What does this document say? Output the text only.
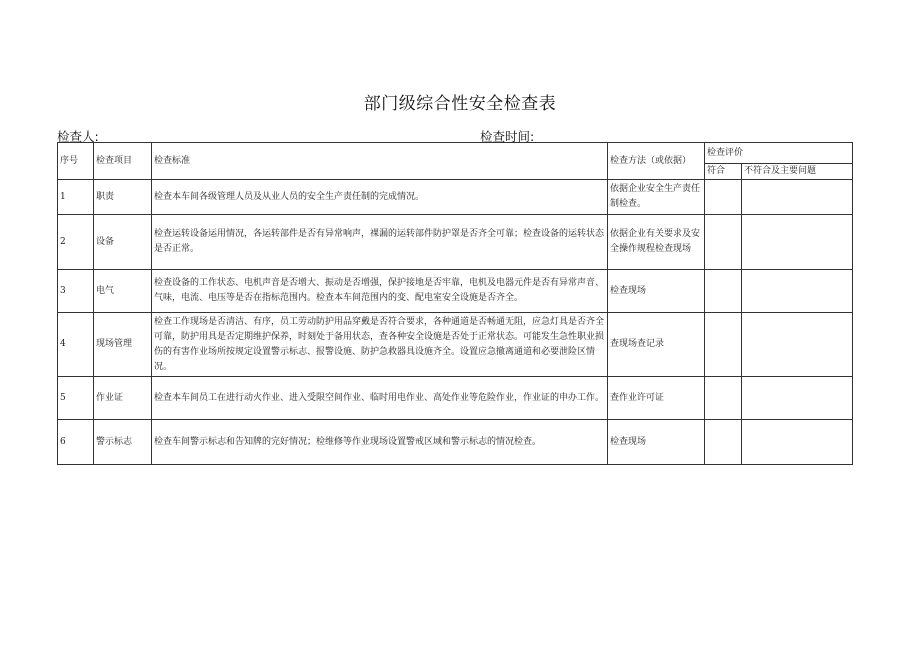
部门级综合性安全检查表
检查人:	检查时间:
序号	检查项目	检查标准	检查方法（或依据）	检查评价	
				符合	不符合及主要问题
1	职责	检查本车间各级管理人员及从业人员的安全生产责任制的完成情况。	依据企业安全生产责任制检查。		
2	设备	检查运转设备运用情况，各运转部件是否有异常响声，裸漏的运转部件防护罩是否齐全可靠；检查设备的运转状态是否正常。	依据企业有关要求及安全操作规程检查现场		
3	电气	检查设备的工作状态、电机声音是否增大、振动是否增强，保护接地是否牢靠，电机及电器元件是否有异常声音、气味，电流、电压等是否在指标范围内。检查本车间范围内的变、配电室安全设施是否齐全。	检查现场		
4	现场管理	检查工作现场是否清洁、有序，员工劳动防护用品穿戴是否符合要求，各种通道是否畅通无阻，应急灯具是否齐全可靠，防护用具是否定期维护保养，时刻处于备用状态，查各种安全设施是否处于正常状态。可能发生急性职业损伤的有害作业场所按规定设置警示标志、报警设施、防护急救器具设施齐全。设置应急撤离通道和必要泄险区情况。	查现场查记录		
5	作业证	检查本车间员工在进行动火作业、进入受限空间作业、临时用电作业、高处作业等危险作业，作业证的申办工作。	查作业许可证		
6	警示标志	检查车间警示标志和告知牌的完好情况；检维修等作业现场设置警戒区域和警示标志的情况检查。	检查现场		
